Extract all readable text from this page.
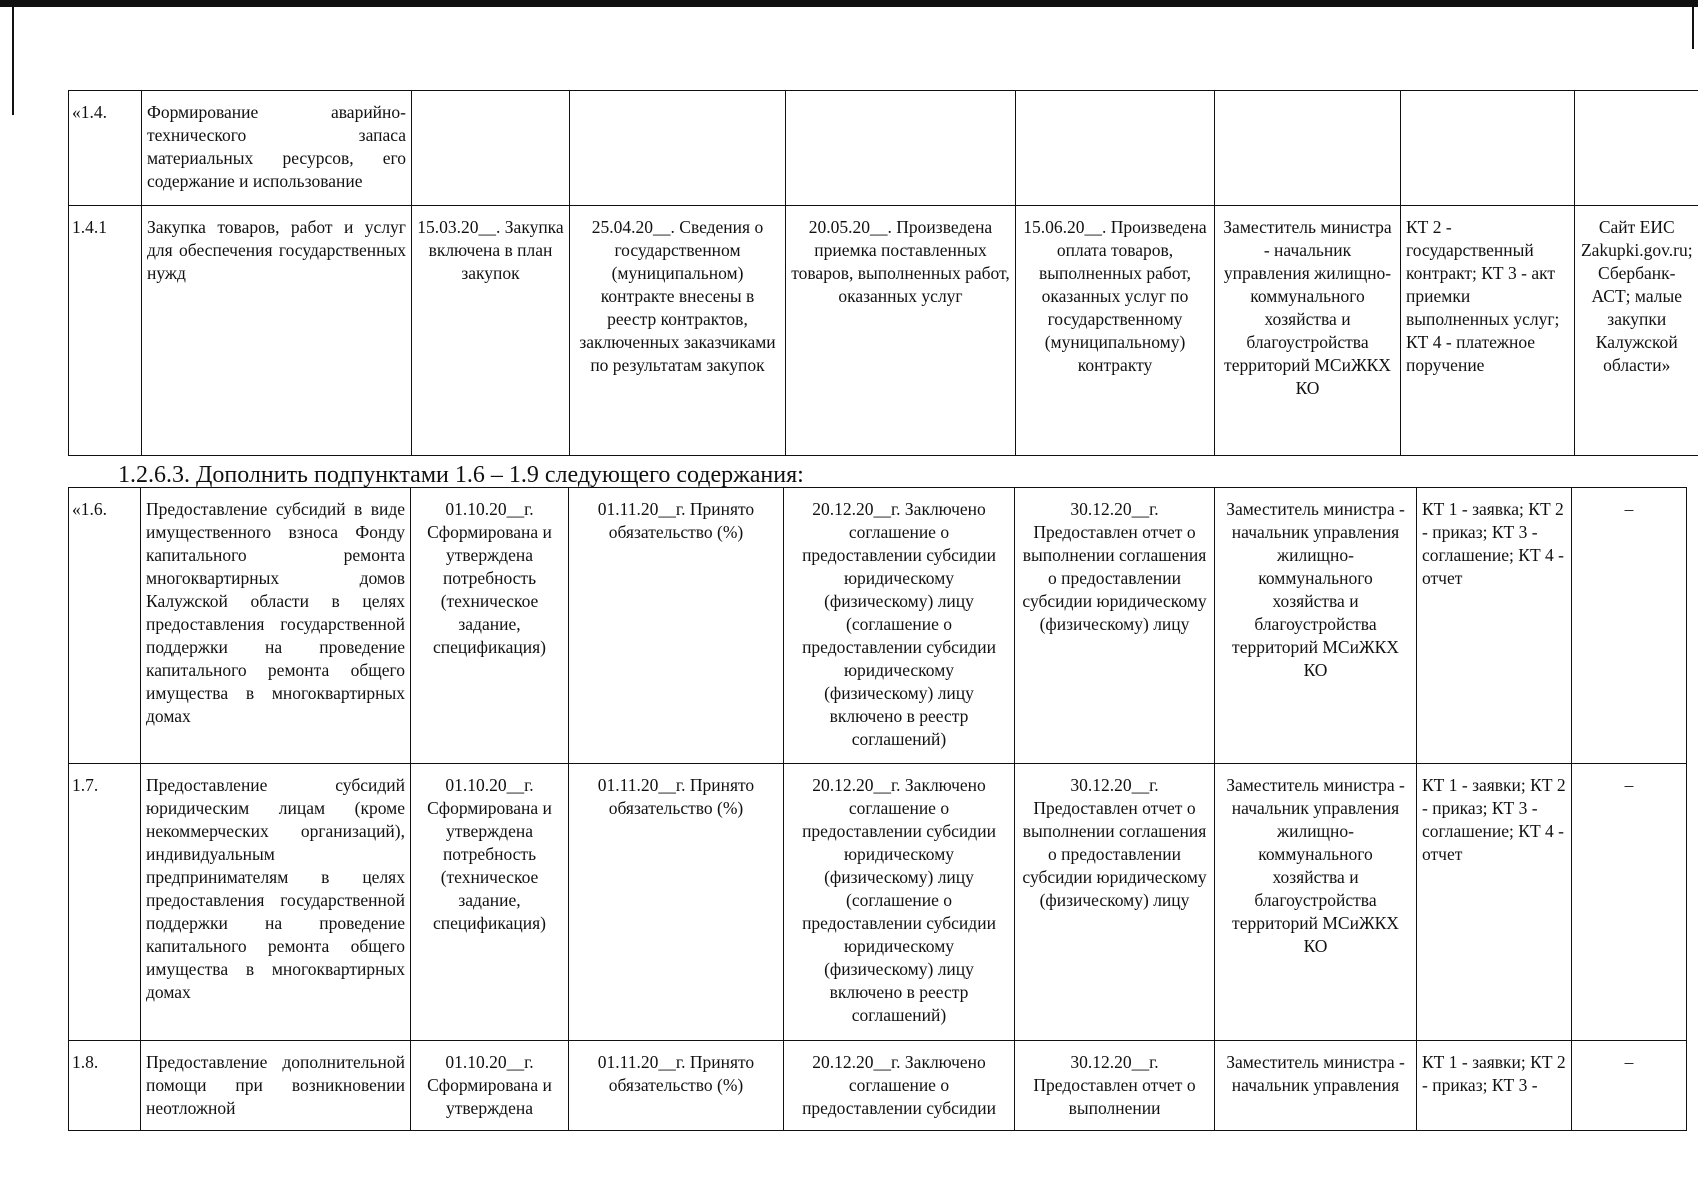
«1.4.	Формирование аварийно-технического запаса материальных ресурсов, его содержание и использование							
1.4.1	Закупка товаров, работ и услуг для обеспечения государственных нужд	15.03.20__. Закупка включена в план закупок	25.04.20__. Сведения о государственном (муниципальном) контракте внесены в реестр контрактов, заключенных заказчиками по результатам закупок	20.05.20__. Произведена приемка поставленных товаров, выполненных работ, оказанных услуг	15.06.20__. Произведена оплата товаров, выполненных работ, оказанных услуг по государственному (муниципальному) контракту	Заместитель министра - начальник управления жилищно-коммунального хозяйства и благоустройства территорий МСиЖКХ КО	КТ 2 - государственный контракт; КТ 3 - акт приемки выполненных услуг; КТ 4 - платежное поручение	Сайт ЕИС Zakupki.gov.ru; Сбербанк-АСТ; малые закупки Калужской области»
1.2.6.3. Дополнить подпунктами 1.6 – 1.9 следующего содержания:
«1.6.	Предоставление субсидий в виде имущественного взноса Фонду капитального ремонта многоквартирных домов Калужской области в целях предоставления государственной поддержки на проведение капитального ремонта общего имущества в многоквартирных домах	01.10.20__г. Сформирована и утверждена потребность (техническое задание, спецификация)	01.11.20__г. Принято обязательство (%)	20.12.20__г. Заключено соглашение о предоставлении субсидии юридическому (физическому) лицу (соглашение о предоставлении субсидии юридическому (физическому) лицу включено в реестр соглашений)	30.12.20__г. Предоставлен отчет о выполнении соглашения о предоставлении субсидии юридическому (физическому) лицу	Заместитель министра - начальник управления жилищно-коммунального хозяйства и благоустройства территорий МСиЖКХ КО	КТ 1 - заявка; КТ 2 - приказ; КТ 3 - соглашение; КТ 4 - отчет	–
1.7.	Предоставление субсидий юридическим лицам (кроме некоммерческих организаций), индивидуальным предпринимателям в целях предоставления государственной поддержки на проведение капитального ремонта общего имущества в многоквартирных домах	01.10.20__г. Сформирована и утверждена потребность (техническое задание, спецификация)	01.11.20__г. Принято обязательство (%)	20.12.20__г. Заключено соглашение о предоставлении субсидии юридическому (физическому) лицу (соглашение о предоставлении субсидии юридическому (физическому) лицу включено в реестр соглашений)	30.12.20__г. Предоставлен отчет о выполнении соглашения о предоставлении субсидии юридическому (физическому) лицу	Заместитель министра - начальник управления жилищно-коммунального хозяйства и благоустройства территорий МСиЖКХ КО	КТ 1 - заявки; КТ 2 - приказ; КТ 3 - соглашение; КТ 4 - отчет	–
1.8.	Предоставление дополнительной помощи при возникновении неотложной	01.10.20__г. Сформирована и утверждена	01.11.20__г. Принято обязательство (%)	20.12.20__г. Заключено соглашение о предоставлении субсидии	30.12.20__г. Предоставлен отчет о выполнении	Заместитель министра - начальник управления	КТ 1 - заявки; КТ 2 - приказ; КТ 3 -	–
